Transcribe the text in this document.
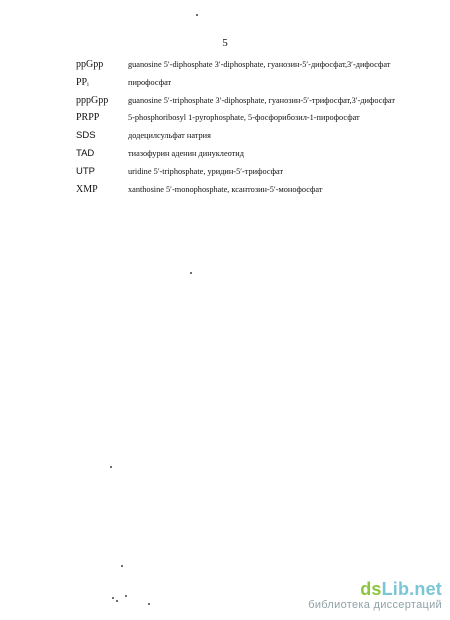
5
ppGpp	guanosine 5′-diphosphate 3′-diphosphate, гуанозин-5′-дифосфат,3′-дифосфат
PPᵢ	пирофосфат
pppGpp	guanosine 5′-triphosphate 3′-diphosphate, гуанозин-5′-трифосфат,3′-дифосфат
PRPP	5-phosphoribosyl 1-pyrophosphate, 5-фосфорибозил-1-пирофосфат
SDS	додецилсульфат натрия
TAD	тиазофурин аденин динуклеотид
UTP	uridine 5′-triphosphate, уридин-5′-трифосфат
XMP	xanthosine 5′-monophosphate, ксантозин-5′-монофосфат
dsLib.net
библиотека диссертаций
